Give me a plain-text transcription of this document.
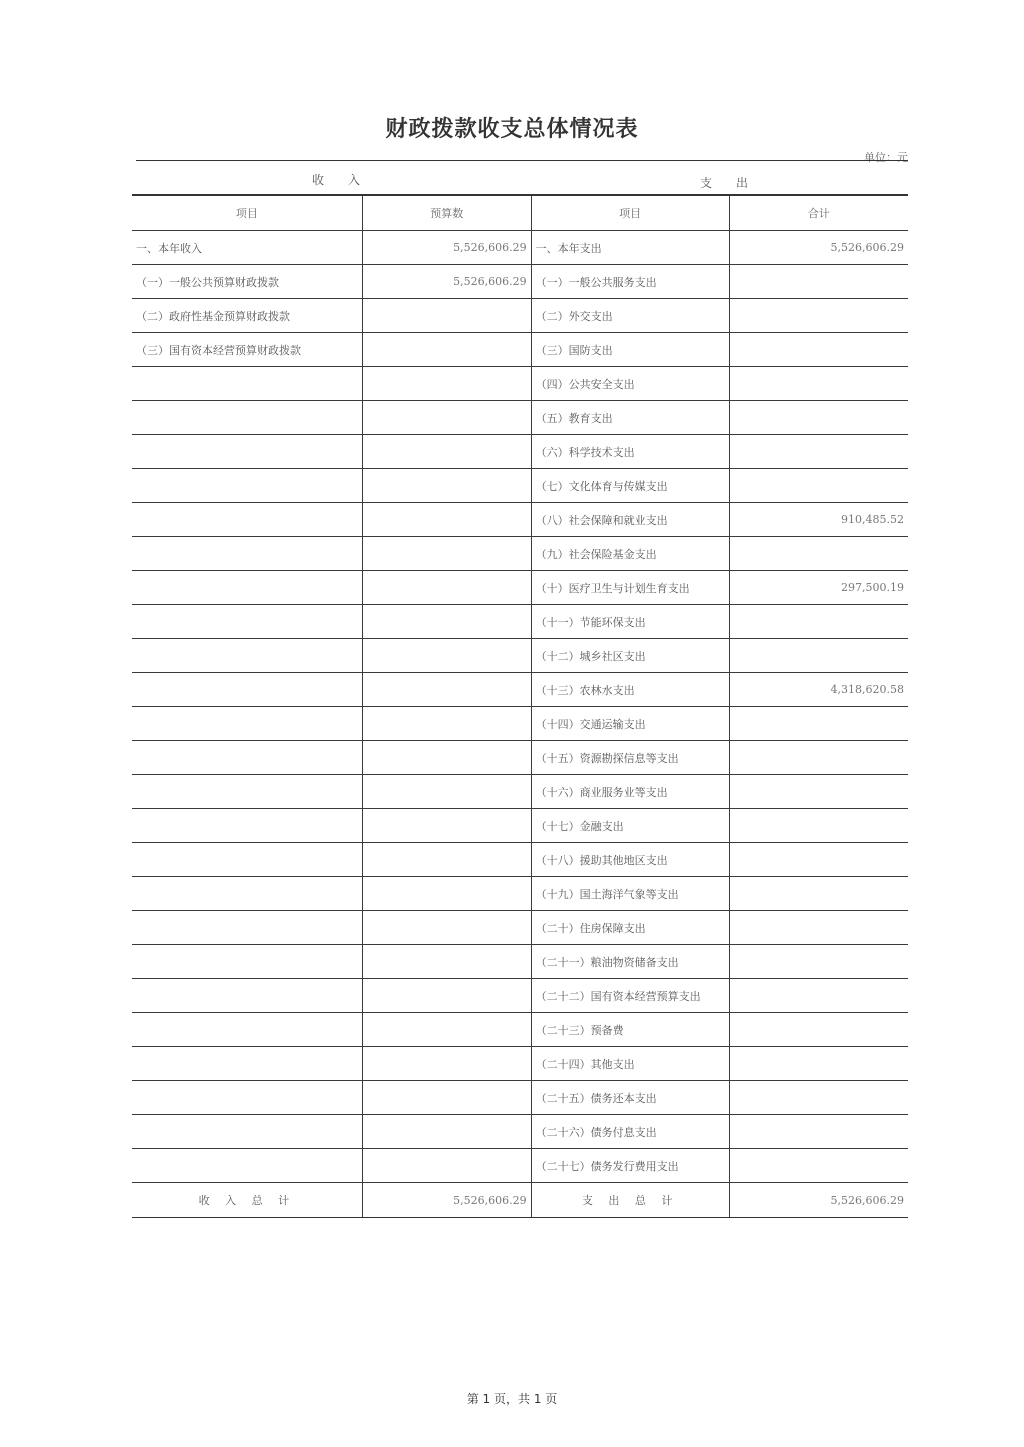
财政拨款收支总体情况表
单位：元
收　　入	支　　出
项目	预算数	项目	合计
一、本年收入	5,526,606.29	一、本年支出	5,526,606.29
（一）一般公共预算财政拨款	5,526,606.29	（一）一般公共服务支出	
（二）政府性基金预算财政拨款		（二）外交支出	
（三）国有资本经营预算财政拨款		（三）国防支出	
		（四）公共安全支出	
		（五）教育支出	
		（六）科学技术支出	
		（七）文化体育与传媒支出	
		（八）社会保障和就业支出	910,485.52
		（九）社会保险基金支出	
		（十）医疗卫生与计划生育支出	297,500.19
		（十一）节能环保支出	
		（十二）城乡社区支出	
		（十三）农林水支出	4,318,620.58
		（十四）交通运输支出	
		（十五）资源勘探信息等支出	
		（十六）商业服务业等支出	
		（十七）金融支出	
		（十八）援助其他地区支出	
		（十九）国土海洋气象等支出	
		（二十）住房保障支出	
		（二十一）粮油物资储备支出	
		（二十二）国有资本经营预算支出	
		（二十三）预备费	
		（二十四）其他支出	
		（二十五）债务还本支出	
		（二十六）债务付息支出	
		（二十七）债务发行费用支出	
收 入 总 计	5,526,606.29	支 出 总 计	5,526,606.29
第 1 页，共 1 页
